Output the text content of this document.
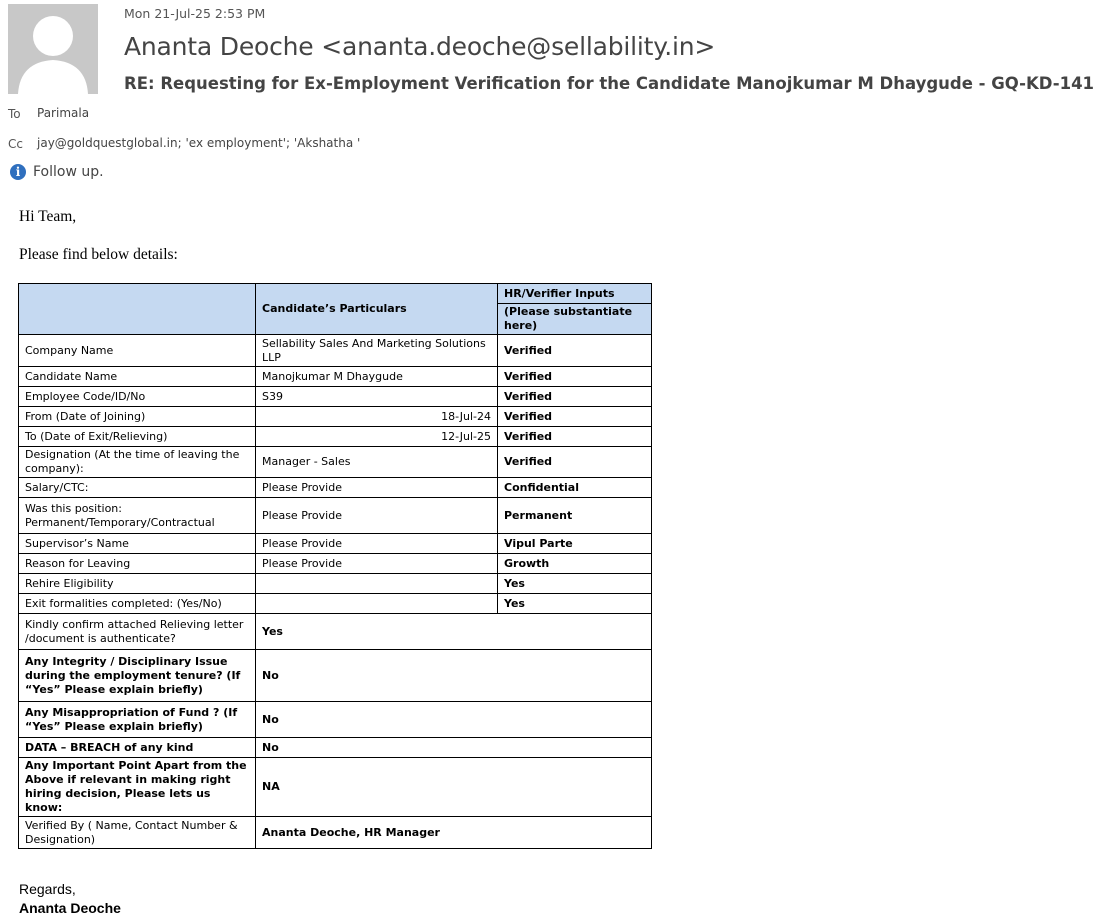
Mon 21-Jul-25 2:53 PM
Ananta Deoche <ananta.deoche@sellability.in>
RE: Requesting for Ex-Employment Verification for the Candidate Manojkumar M Dhaygude - GQ-KD-141
To Parimala
Cc jay@goldquestglobal.in; 'ex employment'; 'Akshatha '
i Follow up.
Hi Team,
Please find below details:
	Candidate’s Particulars	HR/Verifier Inputs
		(Please substantiate here)
Company Name	Sellability Sales And Marketing Solutions LLP	Verified
Candidate Name	Manojkumar M Dhaygude	Verified
Employee Code/ID/No	S39	Verified
From (Date of Joining)	18-Jul-24	Verified
To (Date of Exit/Relieving)	12-Jul-25	Verified
Designation (At the time of leaving the company):	Manager - Sales	Verified
Salary/CTC:	Please Provide	Confidential
Was this position: Permanent/Temporary/Contractual	Please Provide	Permanent
Supervisor’s Name	Please Provide	Vipul Parte
Reason for Leaving	Please Provide	Growth
Rehire Eligibility		Yes
Exit formalities completed: (Yes/No)		Yes
Kindly confirm attached Relieving letter /document is authenticate?	Yes	
Any Integrity / Disciplinary Issue during the employment tenure? (If “Yes” Please explain briefly)	No	
Any Misappropriation of Fund ? (If “Yes” Please explain briefly)	No	
DATA – BREACH of any kind	No	
Any Important Point Apart from the Above if relevant in making right hiring decision, Please lets us know:	NA	
Verified By ( Name, Contact Number & Designation)	Ananta Deoche, HR Manager	
Regards,
Ananta Deoche
